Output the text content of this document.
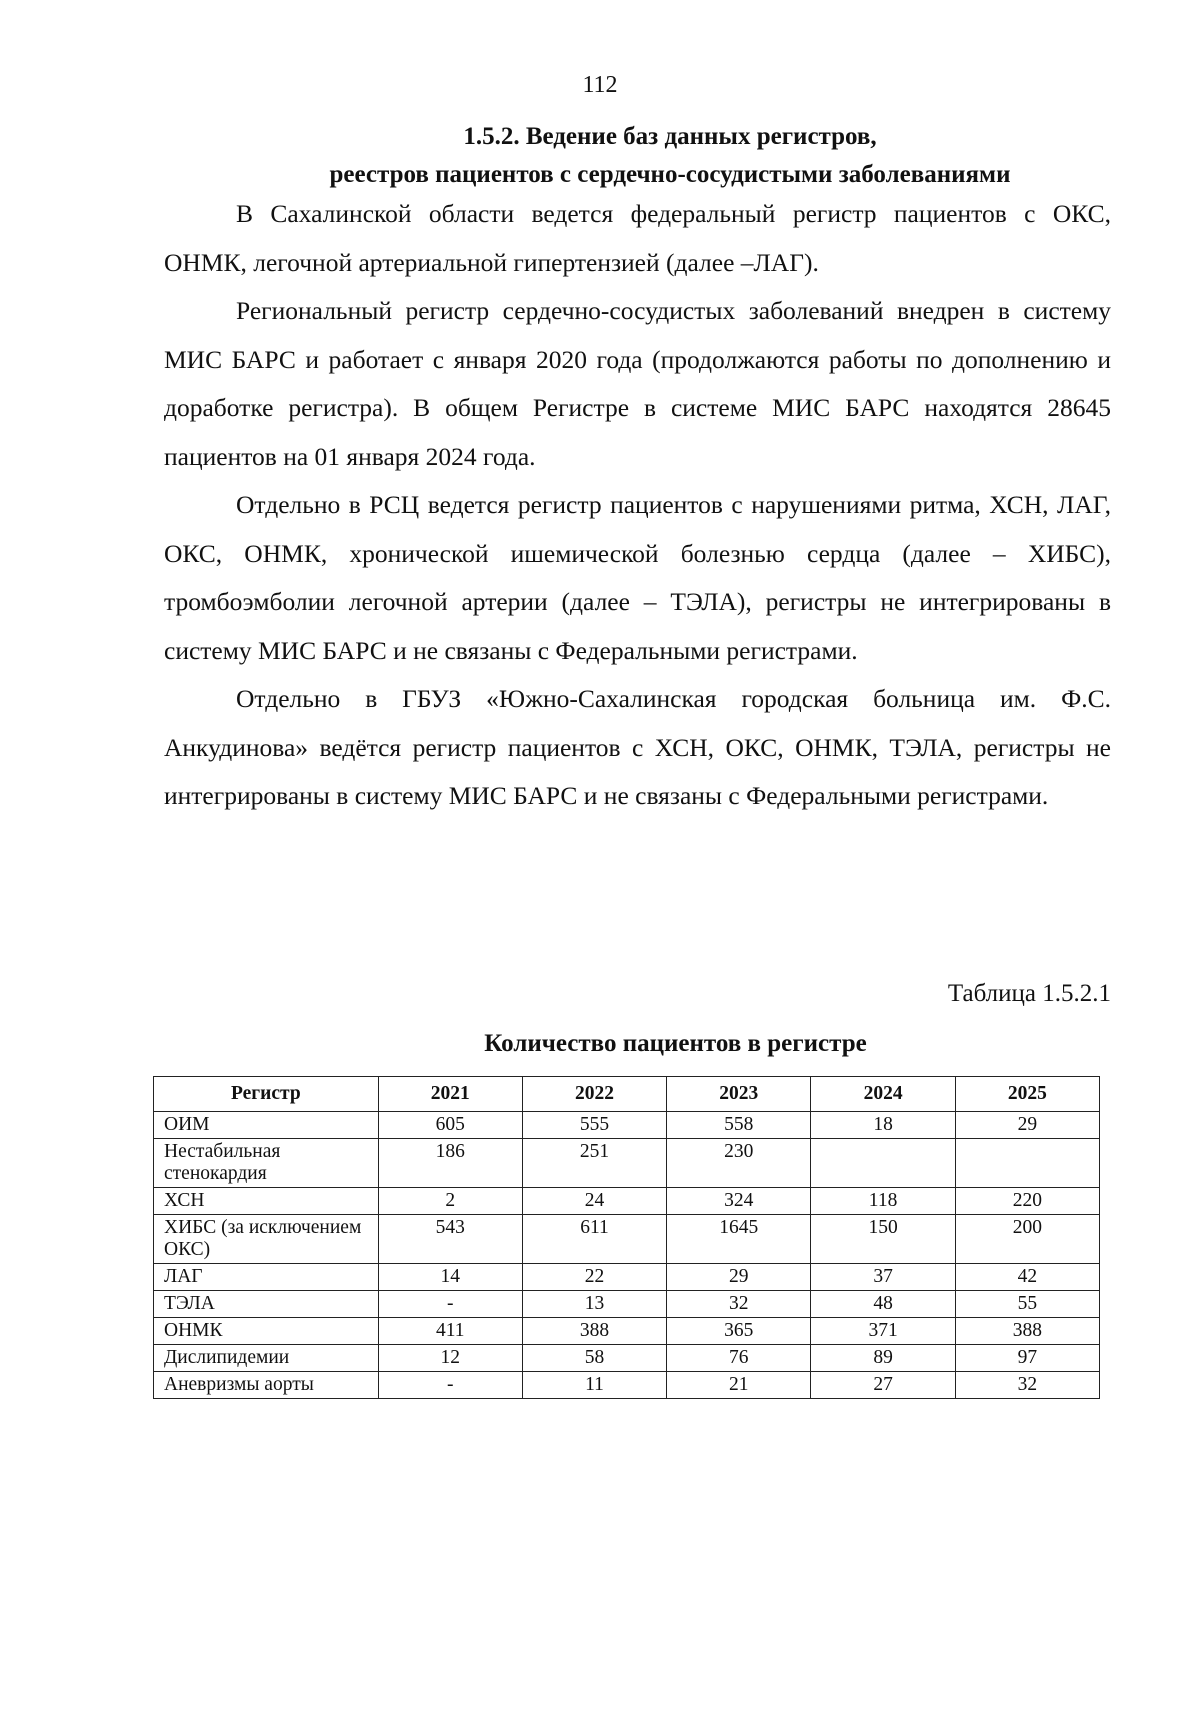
112
1.5.2. Ведение баз данных регистров,
реестров пациентов с сердечно-сосудистыми заболеваниями

В Сахалинской области ведется федеральный регистр пациентов с ОКС, ОНМК, легочной артериальной гипертензией (далее –ЛАГ).

Региональный регистр сердечно-сосудистых заболеваний внедрен в систему МИС БАРС и работает с января 2020 года (продолжаются работы по дополнению и доработке регистра). В общем Регистре в системе МИС БАРС находятся 28645 пациентов на 01 января 2024 года.

Отдельно в РСЦ ведется регистр пациентов с нарушениями ритма, ХСН, ЛАГ, ОКС, ОНМК, хронической ишемической болезнью сердца (далее – ХИБС), тромбоэмболии легочной артерии (далее – ТЭЛА), регистры не интегрированы в систему МИС БАРС и не связаны с Федеральными регистрами.

Отдельно в ГБУЗ «Южно-Сахалинская городская больница им. Ф.С. Анкудинова» ведётся регистр пациентов с ХСН, ОКС, ОНМК, ТЭЛА, регистры не интегрированы в систему МИС БАРС и не связаны с Федеральными регистрами.

Таблица 1.5.2.1
Количество пациентов в регистре
Регистр	2021	2022	2023	2024	2025
ОИМ	605	555	558	18	29
Нестабильная стенокардия	186	251	230		
ХСН	2	24	324	118	220
ХИБС (за исключением ОКС)	543	611	1645	150	200
ЛАГ	14	22	29	37	42
ТЭЛА	-	13	32	48	55
ОНМК	411	388	365	371	388
Дислипидемии	12	58	76	89	97
Аневризмы аорты	-	11	21	27	32
